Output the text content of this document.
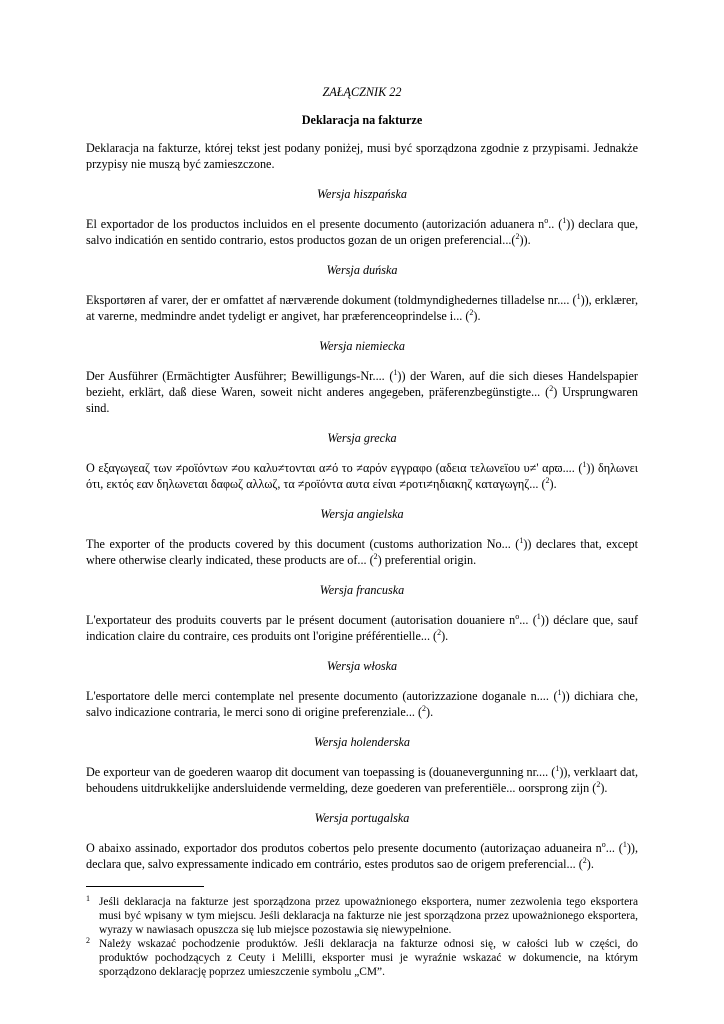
ZAŁĄCZNIK 22

Deklaracja na fakturze

Deklaracja na fakturze, której tekst jest podany poniżej, musi być sporządzona zgodnie z przypisami. Jednakże przypisy nie muszą być zamieszczone.

Wersja hiszpańska

El exportador de los productos incluidos en el presente documento (autorización aduanera $n^o$.. ($^1$)) declara que, salvo indicatión en sentido contrario, estos productos gozan de un origen preferencial...($^2$)).

Wersja duńska

Eksportøren af varer, der er omfattet af nærværende dokument (toldmyndighedernes tilladelse nr.... ($^1$)), erklærer, at varerne, medmindre andet tydeligt er angivet, har præferenceoprindelse i... ($^2$).

Wersja niemiecka

Der Ausführer (Ermächtigter Ausführer; Bewilligungs-Nr.... ($^1$)) der Waren, auf die sich dieses Handelspapier bezieht, erklärt, daß diese Waren, soweit nicht anderes angegeben, präferenzbegünstigte... ($^2$) Ursprungwaren sind.

Wersja grecka

Ο εξαγωγεαζ των ≠ροϊόντων ≠ου καλυ≠τονται α≠ό το ≠αρόν εγγραφο (αδεια τελωνεϊου υ≠' αρϖ.... ($^1$)) δηλωνει ότι, εκτός εαν δηλωνεται δαφωζ αλλωζ, τα ≠ροϊόντα αυτα είναι ≠ροτι≠ηδιακηζ καταγωγηζ... ($^2$).

Wersja angielska

The exporter of the products covered by this document (customs authorization No... ($^1$)) declares that, except where otherwise clearly indicated, these products are of... ($^2$) preferential origin.

Wersja francuska

L'exportateur des produits couverts par le présent document (autorisation douaniere $n^o$... ($^1$)) déclare que, sauf indication claire du contraire, ces produits ont l'origine préférentielle... ($^2$).

Wersja włoska

L'esportatore delle merci contemplate nel presente documento (autorizzazione doganale n.... ($^1$)) dichiara che, salvo indicazione contraria, le merci sono di origine preferenziale... ($^2$).

Wersja holenderska

De exporteur van de goederen waarop dit document van toepassing is (douanevergunning nr.... ($^1$)), verklaart dat, behoudens uitdrukkelijke andersluidende vermelding, deze goederen van preferentiële... oorsprong zijn ($^2$).

Wersja portugalska

O abaixo assinado, exportador dos produtos cobertos pelo presente documento (autorizaçao aduaneira $n^o$... ($^1$)), declara que, salvo expressamente indicado em contrário, estes produtos sao de origem preferencial... ($^2$).

1 Jeśli deklaracja na fakturze jest sporządzona przez upoważnionego eksportera, numer zezwolenia tego eksportera musi być wpisany w tym miejscu. Jeśli deklaracja na fakturze nie jest sporządzona przez upoważnionego eksportera, wyrazy w nawiasach opuszcza się lub miejsce pozostawia się niewypełnione.

2 Należy wskazać pochodzenie produktów. Jeśli deklaracja na fakturze odnosi się, w całości lub w części, do produktów pochodzących z Ceuty i Melilli, eksporter musi je wyraźnie wskazać w dokumencie, na którym sporządzono deklarację poprzez umieszczenie symbolu „CM”.
